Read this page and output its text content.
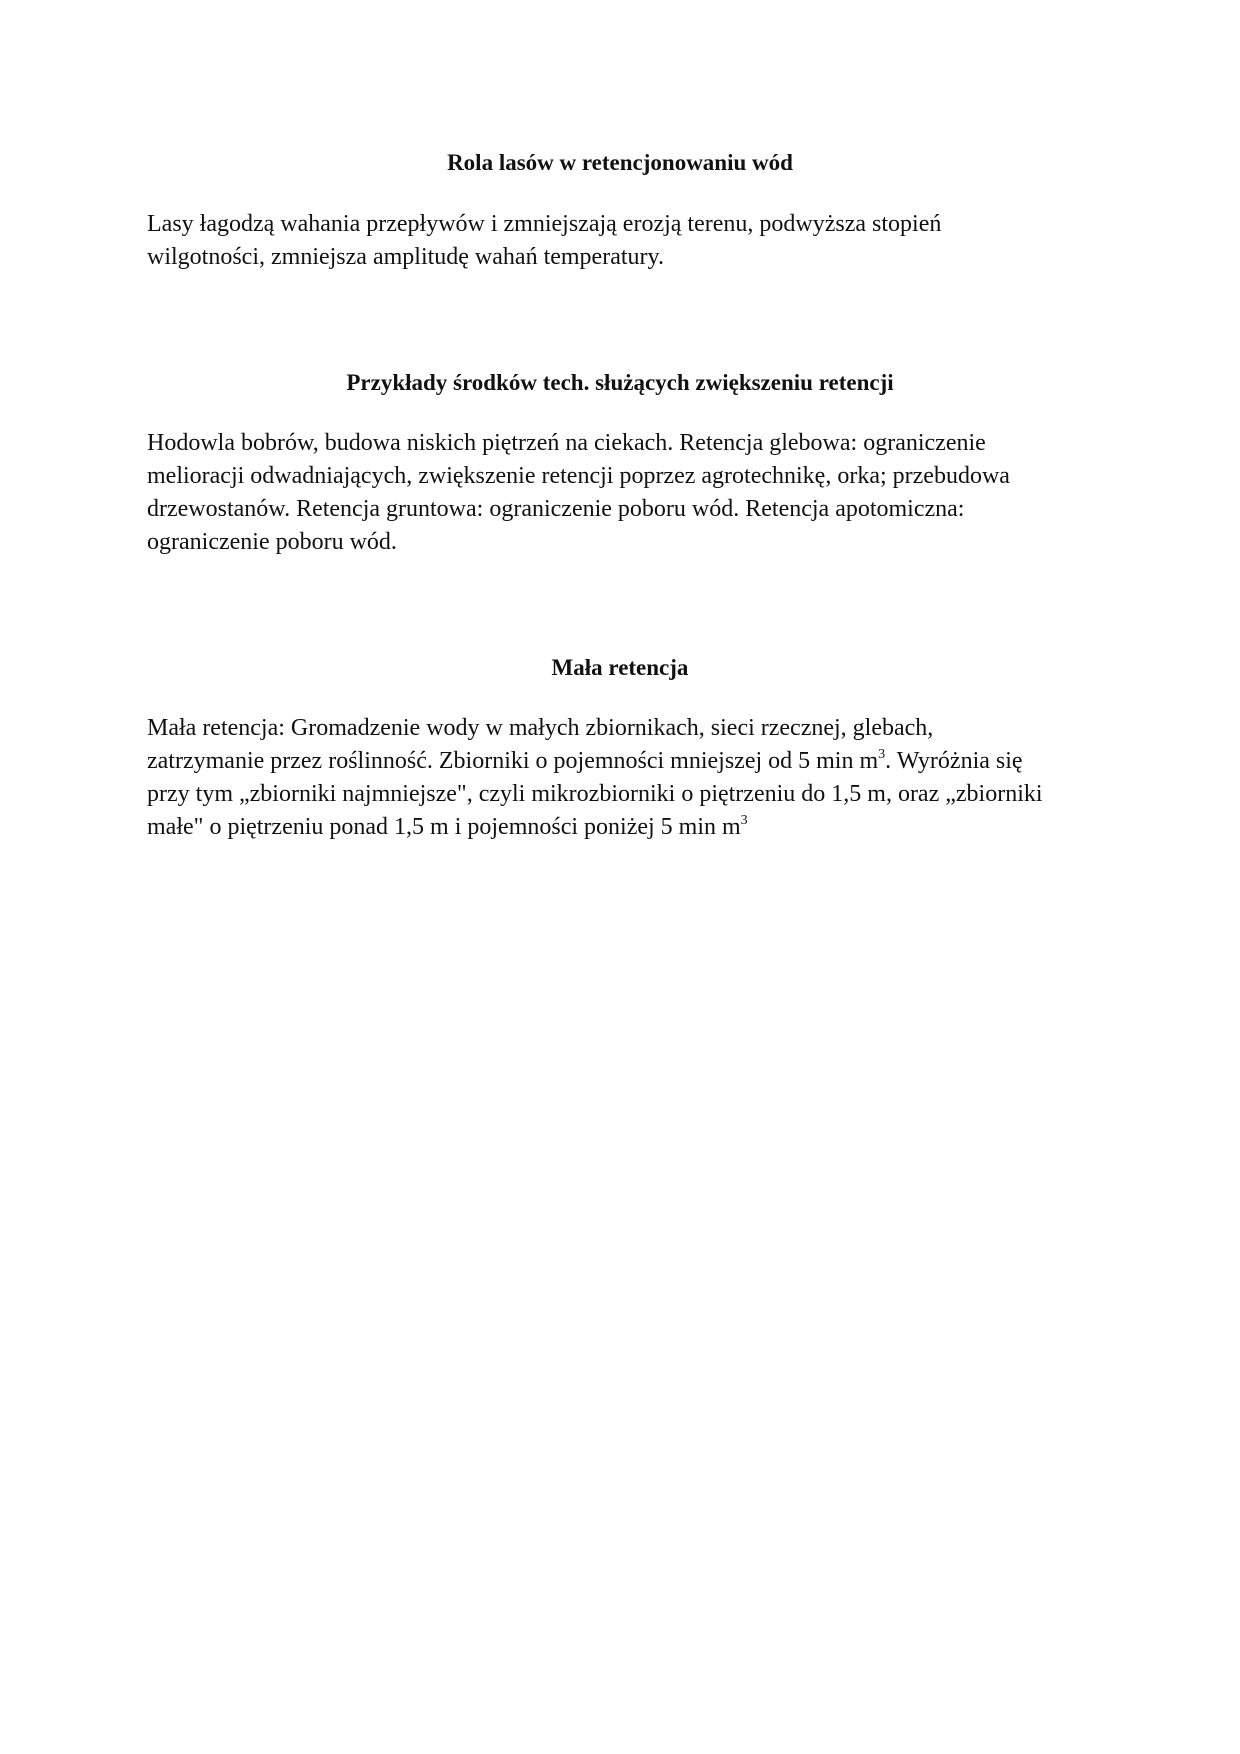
Rola lasów w retencjonowaniu wód

Lasy łagodzą wahania przepływów i zmniejszają erozją terenu, podwyższa stopień
wilgotności, zmniejsza amplitudę wahań temperatury.

Przykłady środków tech. służących zwiększeniu retencji

Hodowla bobrów, budowa niskich piętrzeń na ciekach. Retencja glebowa: ograniczenie
melioracji odwadniających, zwiększenie retencji poprzez agrotechnikę, orka; przebudowa
drzewostanów. Retencja gruntowa: ograniczenie poboru wód. Retencja apotomiczna:
ograniczenie poboru wód.

Mała retencja

Mała retencja: Gromadzenie wody w małych zbiornikach, sieci rzecznej, glebach,
zatrzymanie przez roślinność. Zbiorniki o pojemności mniejszej od 5 $\min m^3$. Wyróżnia się
przy tym „zbiorniki najmniejsze", czyli mikrozbiorniki o piętrzeniu do 1,5 m, oraz „zbiorniki
małe" o piętrzeniu ponad 1,5 m i pojemności poniżej 5 $\min m^3$
